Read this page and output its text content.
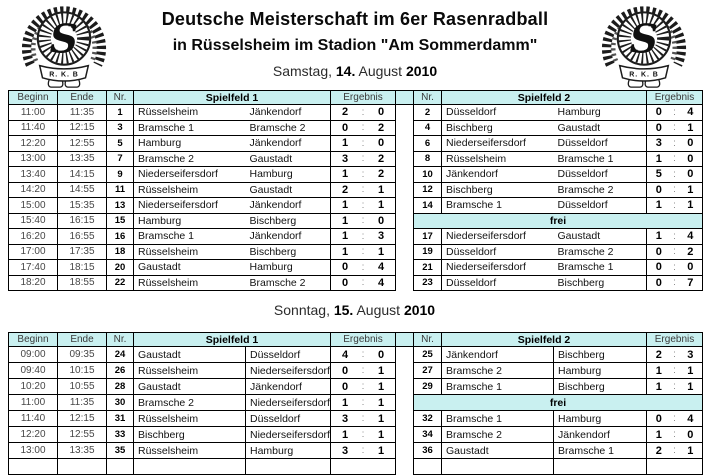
Deutsche Meisterschaft im 6er Rasenradball
in Rüsselsheim im Stadion "Am Sommerdamm"
Samstag, 14. August 2010
Beginn	Ende	Nr.	Spielfeld 1		Ergebnis		Nr.	Spielfeld 2		Ergebnis
11:00	11:35	1	Rüsselsheim	Jänkendorf	2 : 0		2	Düsseldorf	Hamburg	0 : 4

11:40	12:15	3	Bramsche 1	Bramsche 2	0 : 2		4	Bischberg	Gaustadt	0 : 1

12:20	12:55	5	Hamburg	Jänkendorf	1 : 0		6	Niederseifersdorf	Düsseldorf	3 : 0

13:00	13:35	7	Bramsche 2	Gaustadt	3 : 2		8	Rüsselsheim	Bramsche 1	1 : 0

13:40	14:15	9	Niederseifersdorf	Hamburg	1 : 2		10	Jänkendorf	Düsseldorf	5 : 0

14:20	14:55	11	Rüsselsheim	Gaustadt	2 : 1		12	Bischberg	Bramsche 2	0 : 1

15:00	15:35	13	Niederseifersdorf	Jänkendorf	1 : 1		14	Bramsche 1	Düsseldorf	1 : 1

15:40	16:15	15	Hamburg	Bischberg	1 : 0		frei			
16:20	16:55	16	Bramsche 1	Jänkendorf	1 : 3		17	Niederseifersdorf	Gaustadt	1 : 4

17:00	17:35	18	Rüsselsheim	Bischberg	1 : 1		19	Düsseldorf	Bramsche 2	0 : 2

17:40	18:15	20	Gaustadt	Hamburg	0 : 4		21	Niederseifersdorf	Bramsche 1	0 : 0

18:20	18:55	22	Rüsselsheim	Bramsche 2	0 : 4		23	Düsseldorf	Bischberg	0 : 7
Sonntag, 15. August 2010
Beginn	Ende	Nr.	Spielfeld 1		Ergebnis		Nr.	Spielfeld 2		Ergebnis
09:00	09:35	24	Gaustadt	Düsseldorf	4 : 0		25	Jänkendorf	Bischberg	2 : 3

09:40	10:15	26	Rüsselsheim	Niederseifersdorf	0 : 1		27	Bramsche 2	Hamburg	1 : 1

10:20	10:55	28	Gaustadt	Jänkendorf	0 : 1		29	Bramsche 1	Bischberg	1 : 1

11:00	11:35	30	Bramsche 2	Niederseifersdorf	1 : 1		frei			
11:40	12:15	31	Rüsselsheim	Düsseldorf	3 : 1		32	Bramsche 1	Hamburg	0 : 4

12:20	12:55	33	Bischberg	Niederseifersdorf	1 : 1		34	Bramsche 2	Jänkendorf	1 : 0

13:00	13:35	35	Rüsselsheim	Hamburg	3 : 1		36	Gaustadt	Bramsche 1	2 : 1
